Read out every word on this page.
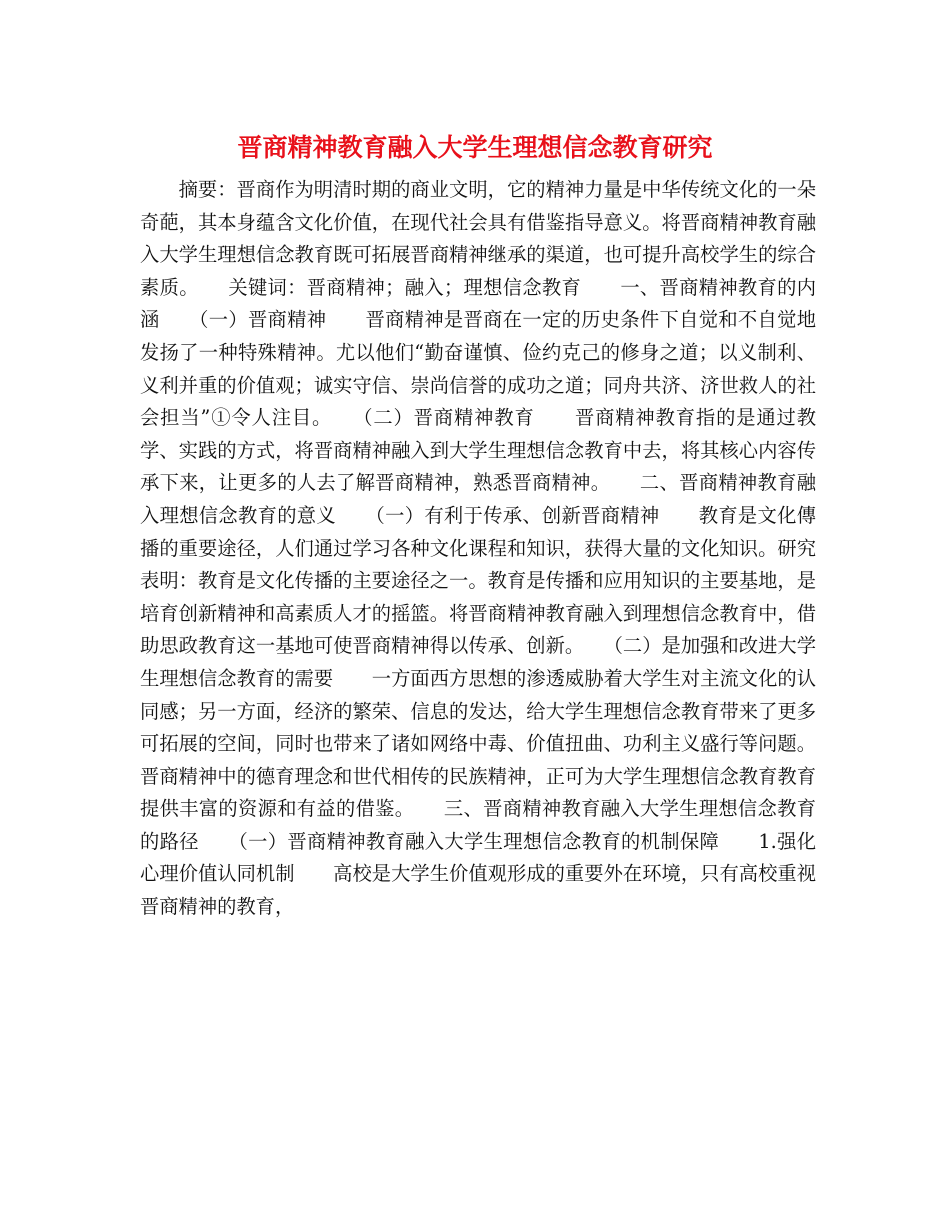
晋商精神教育融入大学生理想信念教育研究

摘要：晋商作为明清时期的商业文明，它的精神力量是中华传统文化的一朵奇葩，其本身蕴含文化价值，在现代社会具有借鉴指导意义。将晋商精神教育融入大学生理想信念教育既可拓展晋商精神继承的渠道，也可提升高校学生的综合素质。　　关键词：晋商精神；融入；理想信念教育　　一、晋商精神教育的内涵　　（一）晋商精神　　晋商精神是晋商在一定的历史条件下自觉和不自觉地发扬了一种特殊精神。尤以他们“勤奋谨慎、俭约克己的修身之道；以义制利、义利并重的价值观；诚实守信、崇尚信誉的成功之道；同舟共济、济世救人的社会担当”①令人注目。　　（二）晋商精神教育　　晋商精神教育指的是通过教学、实践的方式，将晋商精神融入到大学生理想信念教育中去，将其核心内容传承下来，让更多的人去了解晋商精神，熟悉晋商精神。　　二、晋商精神教育融入理想信念教育的意义　　（一）有利于传承、创新晋商精神　　教育是文化傳播的重要途径，人们通过学习各种文化课程和知识，获得大量的文化知识。研究表明：教育是文化传播的主要途径之一。教育是传播和应用知识的主要基地，是培育创新精神和高素质人才的摇篮。将晋商精神教育融入到理想信念教育中，借助思政教育这一基地可使晋商精神得以传承、创新。　　（二）是加强和改进大学生理想信念教育的需要　　一方面西方思想的渗透威胁着大学生对主流文化的认同感；另一方面，经济的繁荣、信息的发达，给大学生理想信念教育带来了更多可拓展的空间，同时也带来了诸如网络中毒、价值扭曲、功利主义盛行等问题。晋商精神中的德育理念和世代相传的民族精神，正可为大学生理想信念教育教育提供丰富的资源和有益的借鉴。　　三、晋商精神教育融入大学生理想信念教育的路径　　（一）晋商精神教育融入大学生理想信念教育的机制保障　　1.强化心理价值认同机制　　高校是大学生价值观形成的重要外在环境，只有高校重视晋商精神的教育，
